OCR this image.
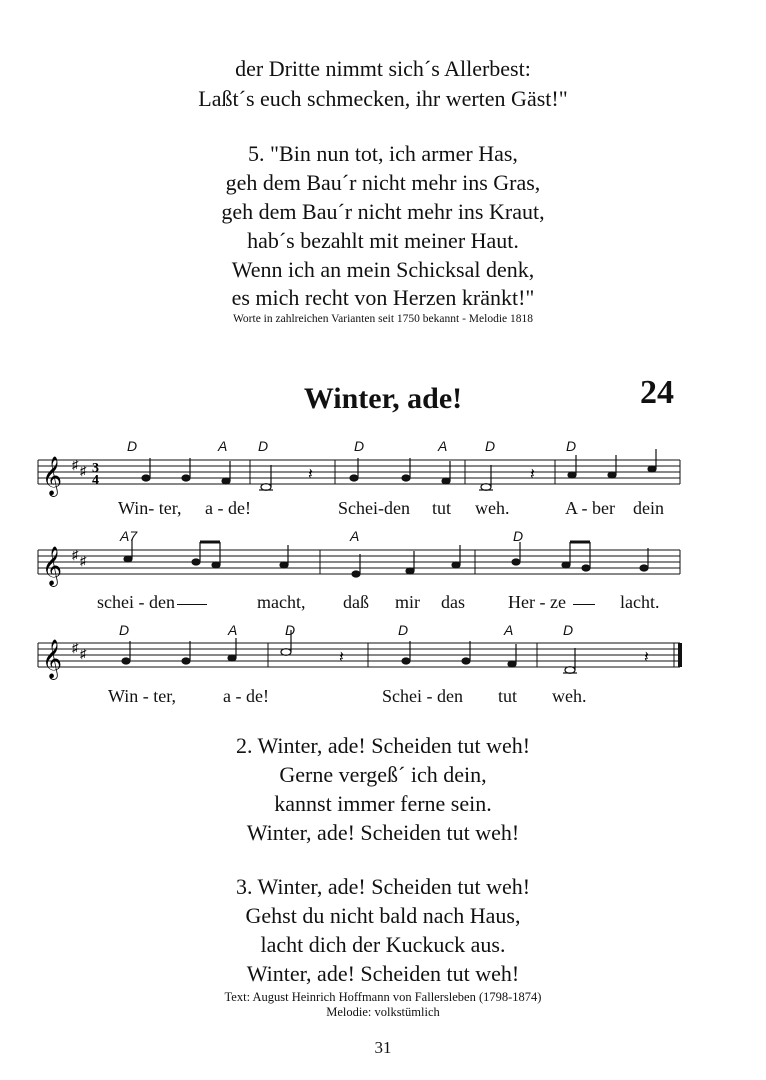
der Dritte nimmt sich´s Allerbest:
Laßt´s euch schmecken, ihr werten Gäst!"
5. "Bin nun tot, ich armer Has,
geh dem Bau´r nicht mehr ins Gras,
geh dem Bau´r nicht mehr ins Kraut,
hab´s bezahlt mit meiner Haut.
Wenn ich an mein Schicksal denk,
es mich recht von Herzen kränkt!"
Worte in zahlreichen Varianten seit 1750 bekannt - Melodie 1818
Winter, ade!	24
D	A D	D	A	D	D
𝄞 ♯ ♯ 3
4	𝄽	𝄽
Win- ter, a - de!	Schei-den tut weh.	A - ber dein
A7	A	D
𝄞 ♯ ♯
schei - den	macht, daß mir das Her - ze	lacht.
D	A	D	D	A	D
𝄞 ♯ ♯	𝄽	𝄽
Win - ter,	a - de!	Schei - den tut weh.
2. Winter, ade! Scheiden tut weh!
Gerne vergeß´ ich dein,
kannst immer ferne sein.
Winter, ade! Scheiden tut weh!
3. Winter, ade! Scheiden tut weh!
Gehst du nicht bald nach Haus,
lacht dich der Kuckuck aus.
Winter, ade! Scheiden tut weh!
Text: August Heinrich Hoffmann von Fallersleben (1798-1874)
Melodie: volkstümlich
31
